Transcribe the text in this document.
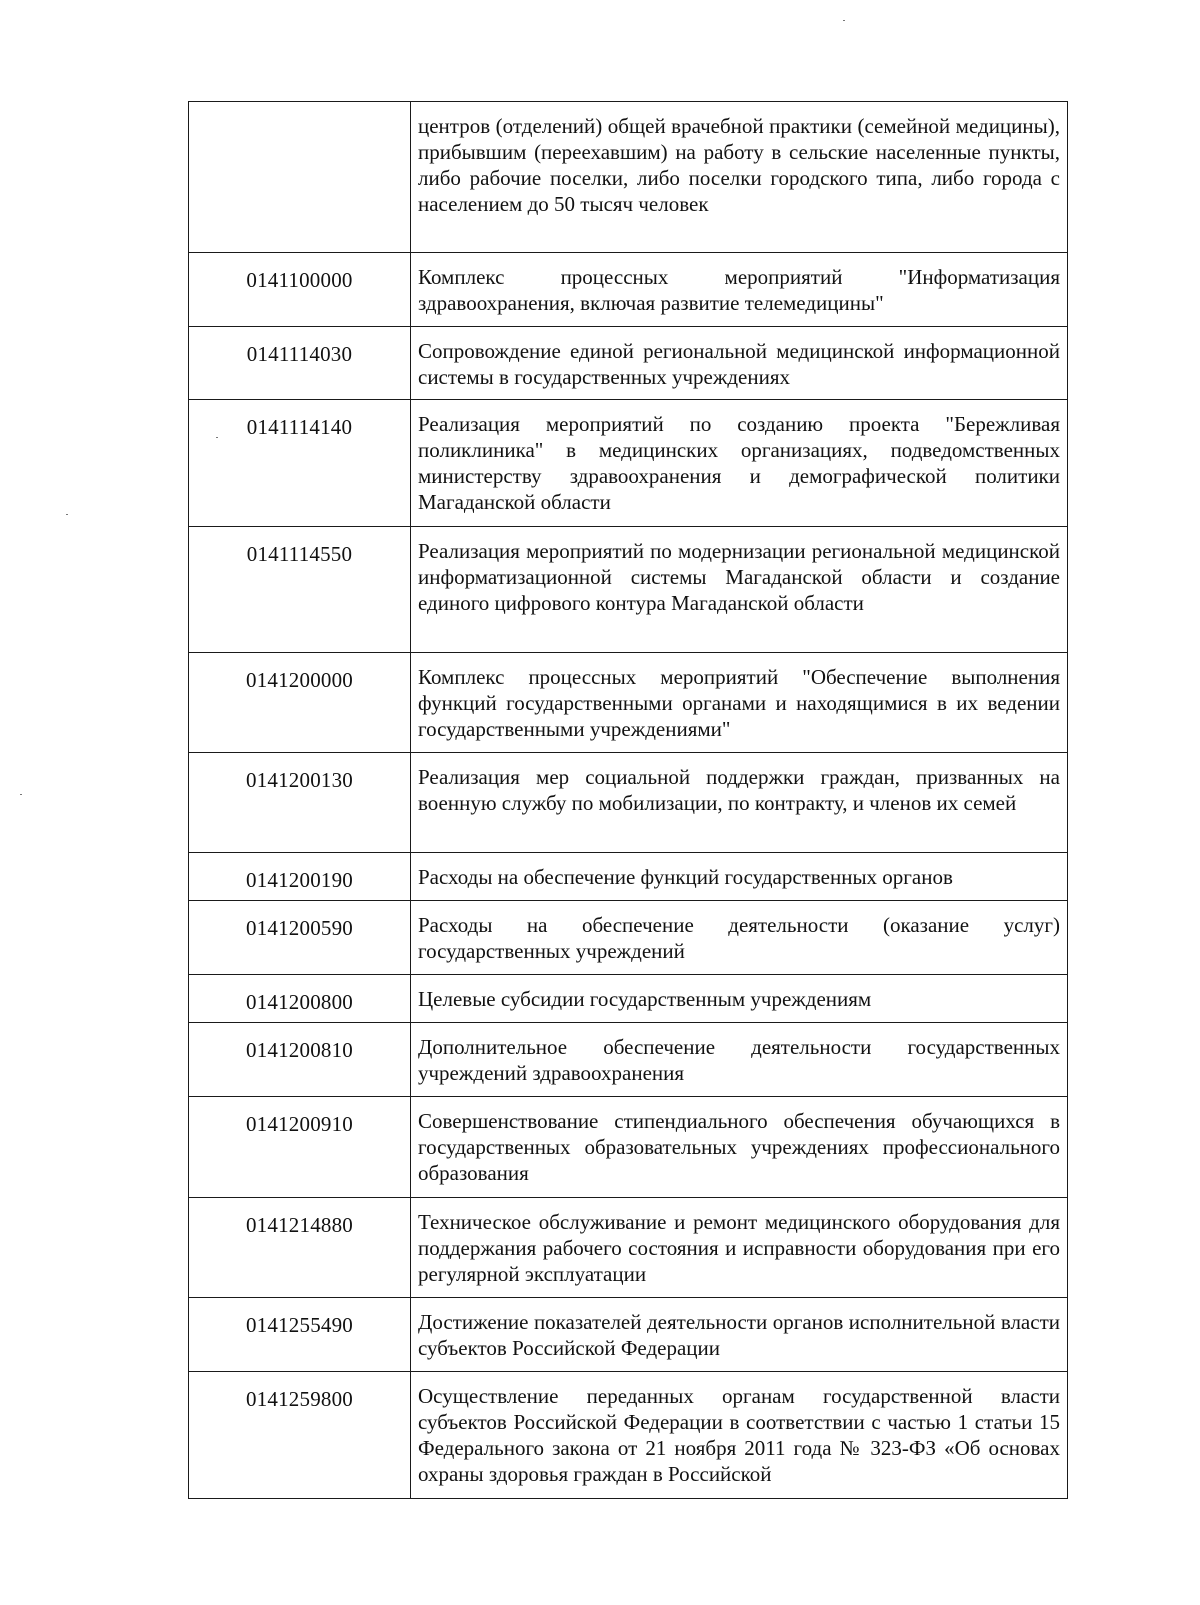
	центров (отделений) общей врачебной практики (семейной медицины), прибывшим (переехавшим) на работу в сельские населенные пункты, либо рабочие поселки, либо поселки городского типа, либо города с населением до 50 тысяч человек
0141100000	Комплекс процессных мероприятий "Информатизация здравоохранения, включая развитие телемедицины"
0141114030	Сопровождение единой региональной медицинской информационной системы в государственных учреждениях
0141114140	Реализация мероприятий по созданию проекта "Бережливая поликлиника" в медицинских организациях, подведомственных министерству здравоохранения и демографической политики Магаданской области
0141114550	Реализация мероприятий по модернизации региональной медицинской информатизационной системы Магаданской области и создание единого цифрового контура Магаданской области
0141200000	Комплекс процессных мероприятий "Обеспечение выполнения функций государственными органами и находящимися в их ведении государственными учреждениями"
0141200130	Реализация мер социальной поддержки граждан, призванных на военную службу по мобилизации, по контракту, и членов их семей
0141200190	Расходы на обеспечение функций государственных органов
0141200590	Расходы на обеспечение деятельности (оказание услуг) государственных учреждений
0141200800	Целевые субсидии государственным учреждениям
0141200810	Дополнительное обеспечение деятельности государственных учреждений здравоохранения
0141200910	Совершенствование стипендиального обеспечения обучающихся в государственных образовательных учреждениях профессионального образования
0141214880	Техническое обслуживание и ремонт медицинского оборудования для поддержания рабочего состояния и исправности оборудования при его регулярной эксплуатации
0141255490	Достижение показателей деятельности органов исполнительной власти субъектов Российской Федерации
0141259800	Осуществление переданных органам государственной власти субъектов Российской Федерации в соответствии с частью 1 статьи 15 Федерального закона от 21 ноября 2011 года № 323-ФЗ «Об основах охраны здоровья граждан в Российской
